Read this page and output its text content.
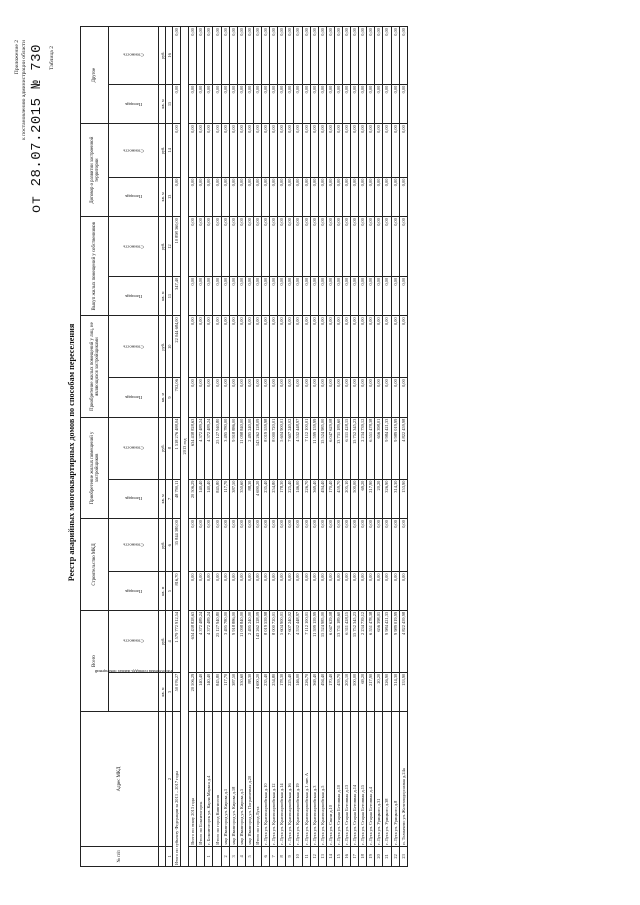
Приложение 2 к постановлению администрации области от 28.07.2015 № 730 Таблица 2
Реестр аварийных многоквартирных домов по способам переселения
№ п/п	Адрес МКД	Всего		Строительство МКД		Приобретение жилых помещений у застройщиков		Приобретение жилых помещений у лиц, не являющихся застройщиками		Выкуп жилых помещений у собственников		Договор о развитии застроенной территории		Другое	
		Расселяемая площадь жилых помещений	Стоимость	Площадь	Стоимость	Площадь	Стоимость	Площадь	Стоимость	Площадь	Стоимость	Площадь	Стоимость	Площадь	Стоимость
		кв. м	руб.	кв. м	руб.	кв. м	руб.	кв. м	руб.	кв. м	руб.	кв. м	руб.	кв. м	руб.
1	2	3	4	5	6	7	8	9	10	11	12	13	14	15	16
Итого по субъекту Федерации за 2013 – 2017 годы		50 076,27	1 579 772 912,54	816,70	35 844 380,00	48 790,11	1 518 276 488,04	702,06	22 044 684,00	347,40	10 898 360,00	0,00	0,00	0,00	0,00
2013 год															
	Всего по этапу 2013 года	20 506,29	634 438 828,63	0,00	0,00	20 506,29	634 438 828,63	0,00	0,00	0,00	0,00	0,00	0,00	0,00	0,00
	Итого по Бокситогорск	140,40	4 372 489,24	0,00	0,00	140,40	4 372 489,24	0,00	0,00	0,00	0,00	0,00	0,00	0,00	0,00
1	г. Бокситогорск ул. Карла Маркса д.4	140,40	4 372 489,24	0,00	0,00	140,40	4 372 489,24	0,00	0,00	0,00	0,00	0,00	0,00	0,00	0,00
	Итого по город Кингисепп	845,80	25 127 940,80	0,00	0,00	845,80	25 127 940,80	0,00	0,00	0,00	0,00	0,00	0,00	0,00	0,00
2	мкр Ивангород ул. Кирова д.1	117,70	3 495 780,00	0,00	0,00	117,70	3 495 780,00	0,00	0,00	0,00	0,00	0,00	0,00	0,00	0,00
3	мкр Ивангород ул. Кирова д.18	387,50	9 918 886,00	0,00	0,00	387,50	9 918 886,00	0,00	0,00	0,00	0,00	0,00	0,00	0,00	0,00
4	мкр Ивангород ул. Кирова д.5	350,60	11 098 840,00	0,00	0,00	350,60	11 098 840,00	0,00	0,00	0,00	0,00	0,00	0,00	0,00	0,00
5	мкр Ивангород ул. Пограничная д.20	88,30	2 495 240,00	0,00	0,00	88,30	2 495 240,00	0,00	0,00	0,00	0,00	0,00	0,00	0,00	0,00
	Итого по город Луга	4 690,20	143 262 128,09	0,00	0,00	4 690,20	143 262 128,09	0,00	0,00	0,00	0,00	0,00	0,00	0,00	0,00
6	г. Луга ул. Красноармейская д.10	235,40	8 019 559,98	0,00	0,00	235,40	8 019 559,98	0,00	0,00	0,00	0,00	0,00	0,00	0,00	0,00
7	г. Луга ул. Красноармейская д.12	254,80	8 000 720,01	0,00	0,00	254,80	8 000 720,01	0,00	0,00	0,00	0,00	0,00	0,00	0,00	0,00
8	г. Луга ул. Красноармейская д.14	178,30	5 604 900,01	0,00	0,00	178,30	5 604 900,01	0,00	0,00	0,00	0,00	0,00	0,00	0,00	0,00
9	г. Луга ул. Красноармейская д.16	225,40	7 607 240,02	0,00	0,00	225,40	7 607 240,02	0,00	0,00	0,00	0,00	0,00	0,00	0,00	0,00
10	г. Луга ул. Красноармейская д.19	146,00	4 532 448,97	0,00	0,00	146,00	4 532 448,97	0,00	0,00	0,00	0,00	0,00	0,00	0,00	0,00
11	г. Луга ул. Красноармейская д.1 лит. А	226,70	7 112 100,01	0,00	0,00	226,70	7 112 100,01	0,00	0,00	0,00	0,00	0,00	0,00	0,00	0,00
12	г. Луга ул. Красноармейская д.3	369,40	11 599 159,99	0,00	0,00	369,40	11 599 159,99	0,00	0,00	0,00	0,00	0,00	0,00	0,00	0,00
13	г. Луга ул. Красноармейская д.5	494,40	15 524 985,00	0,00	0,00	494,40	15 524 985,00	0,00	0,00	0,00	0,00	0,00	0,00	0,00	0,00
14	г. Луга ул. Связи д.10	170,40	6 047 629,08	0,00	0,00	170,40	6 047 629,08	0,00	0,00	0,00	0,00	0,00	0,00	0,00	0,00
15	г. Луга ул. Старая Бетонная д.10	459,70	13 731 189,60	0,00	0,00	459,70	13 731 189,60	0,00	0,00	0,00	0,00	0,00	0,00	0,00	0,00
16	г. Луга ул. Старая Бетонная д.13	205,10	6 311 428,15	0,00	0,00	205,10	6 311 428,15	0,00	0,00	0,00	0,00	0,00	0,00	0,00	0,00
17	г. Луга ул. Старая Бетонная д.14	500,00	15 752 345,23	0,00	0,00	500,00	15 752 345,23	0,00	0,00	0,00	0,00	0,00	0,00	0,00	0,00
18	г. Луга ул. Старая Бетонная д.15	69,20	2 234 739,12	0,00	0,00	69,20	2 234 739,12	0,00	0,00	0,00	0,00	0,00	0,00	0,00	0,00
19	г. Луга ул. Старая Бетонная д.4	217,90	6 551 478,38	0,00	0,00	217,90	6 551 478,38	0,00	0,00	0,00	0,00	0,00	0,00	0,00	0,00
20	г. Луга ул. Урицкого д.31	20,20	656 398,01	0,00	0,00	20,20	656 398,01	0,00	0,00	0,00	0,00	0,00	0,00	0,00	0,00
21	г. Луга ул. Урицкого д.38	326,90	9 984 421,33	0,00	0,00	326,90	9 984 421,33	0,00	0,00	0,00	0,00	0,00	0,00	0,00	0,00
22	г. Луга ул. Урицкого д.8	314,30	9 989 019,99	0,00	0,00	314,30	9 989 019,99	0,00	0,00	0,00	0,00	0,00	0,00	0,00	0,00
23	п. Толмачево ул. Железнодорожная д.24а	153,90	4 822 459,98	0,00	0,00	153,90	4 822 459,98	0,00	0,00	0,00	0,00	0,00	0,00	0,00	0,00
